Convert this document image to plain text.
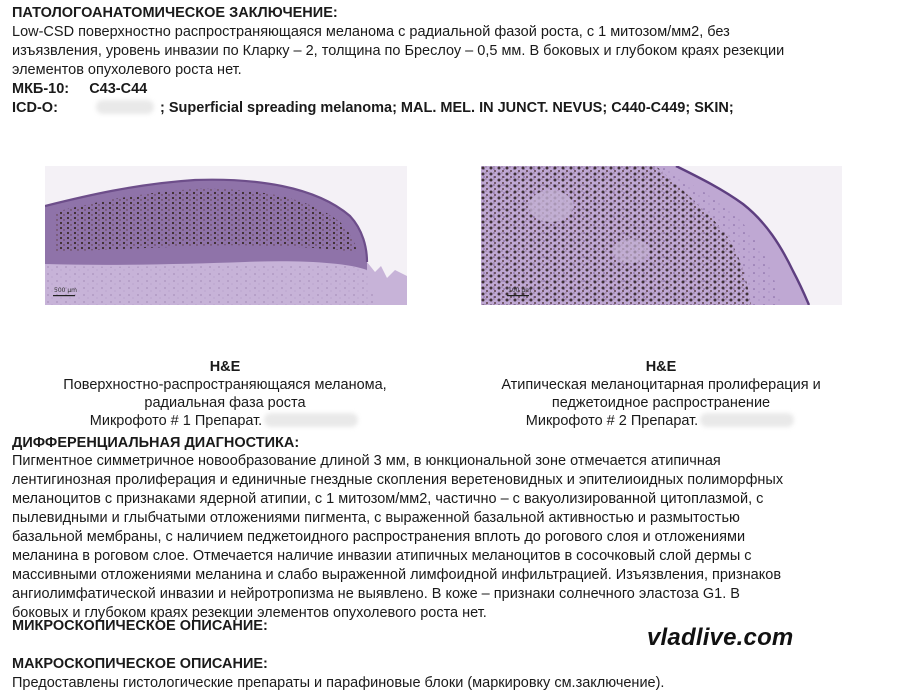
ПАТОЛОГОАНАТОМИЧЕСКОЕ ЗАКЛЮЧЕНИЕ:
Low-CSD поверхностно распространяющаяся меланома с радиальной фазой роста, с 1 митозом/мм2, без
изъязвления, уровень инвазии по Кларку – 2, толщина по Бреслоу – 0,5 мм. В боковых и глубоком краях резекции
элементов опухолевого роста нет.
МКБ-10: C43-C44
ICD-O:	; Superficial spreading melanoma; MAL. MEL. IN JUNCT. NEVUS; C440-C449; SKIN;
500 µm	100 µm
H&E
Поверхностно-распространяющаяся меланома,
радиальная фаза роста
Микрофото # 1 Препарат.
H&E
Атипическая меланоцитарная пролиферация и
педжетоидное распространение
Микрофото # 2 Препарат.
ДИФФЕРЕНЦИАЛЬНАЯ ДИАГНОСТИКА:
Пигментное симметричное новообразование длиной 3 мм, в юнкциональной зоне отмечается атипичная
лентигинозная пролиферация и единичные гнездные скопления веретеновидных и эпителиоидных полиморфных
меланоцитов с признаками ядерной атипии, с 1 митозом/мм2, частично – с вакуолизированной цитоплазмой, с
пылевидными и глыбчатыми отложениями пигмента, с выраженной базальной активностью и размытостью
базальной мембраны, с наличием педжетоидного распространения вплоть до рогового слоя и отложениями
меланина в роговом слое. Отмечается наличие инвазии атипичных меланоцитов в сосочковый слой дермы с
массивными отложениями меланина и слабо выраженной лимфоидной инфильтрацией. Изъязвления, признаков
ангиолимфатической инвазии и нейротропизма не выявлено. В коже – признаки солнечного эластоза G1. В
боковых и глубоком краях резекции элементов опухолевого роста нет.
МИКРОСКОПИЧЕСКОЕ ОПИСАНИЕ:	vladlive.com
МАКРОСКОПИЧЕСКОЕ ОПИСАНИЕ:
Предоставлены гистологические препараты и парафиновые блоки (маркировку см.заключение).
